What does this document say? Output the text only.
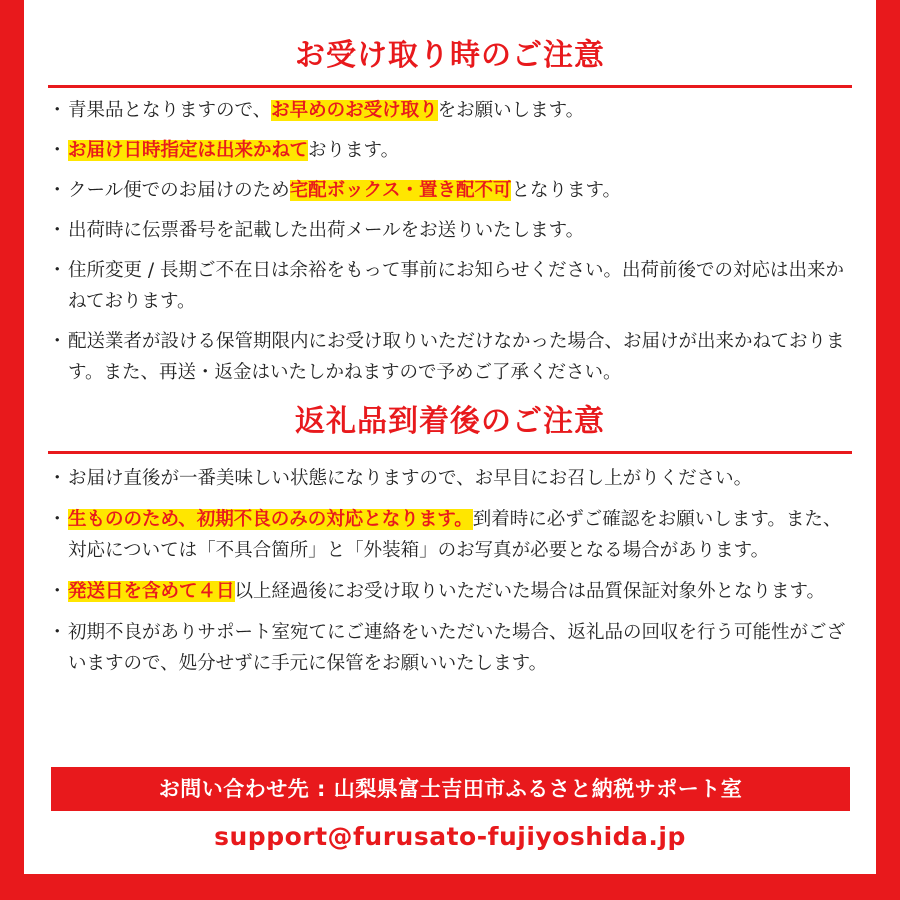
お受け取り時のご注意
・ 青果品となりますので、お早めのお受け取りをお願いします。
・ お届け日時指定は出来かねております。
・ クール便でのお届けのため宅配ボックス・置き配不可となります。
・ 出荷時に伝票番号を記載した出荷メールをお送りいたします。
・ 住所変更 / 長期ご不在日は余裕をもって事前にお知らせください。出荷前後での対応は出来かねております。
・ 配送業者が設ける保管期限内にお受け取りいただけなかった場合、お届けが出来かねております。また、再送・返金はいたしかねますので予めご了承ください。
返礼品到着後のご注意
・ お届け直後が一番美味しい状態になりますので、お早目にお召し上がりください。
・ 生もののため、初期不良のみの対応となります。到着時に必ずご確認をお願いします。また、対応については「不具合箇所」と「外装箱」のお写真が必要となる場合があります。
・ 発送日を含めて４日以上経過後にお受け取りいただいた場合は品質保証対象外となります。
・ 初期不良がありサポート室宛てにご連絡をいただいた場合、返礼品の回収を行う可能性がございますので、処分せずに手元に保管をお願いいたします。
お問い合わせ先 : 山梨県富士吉田市ふるさと納税サポート室
support@furusato-fujiyoshida.jp
